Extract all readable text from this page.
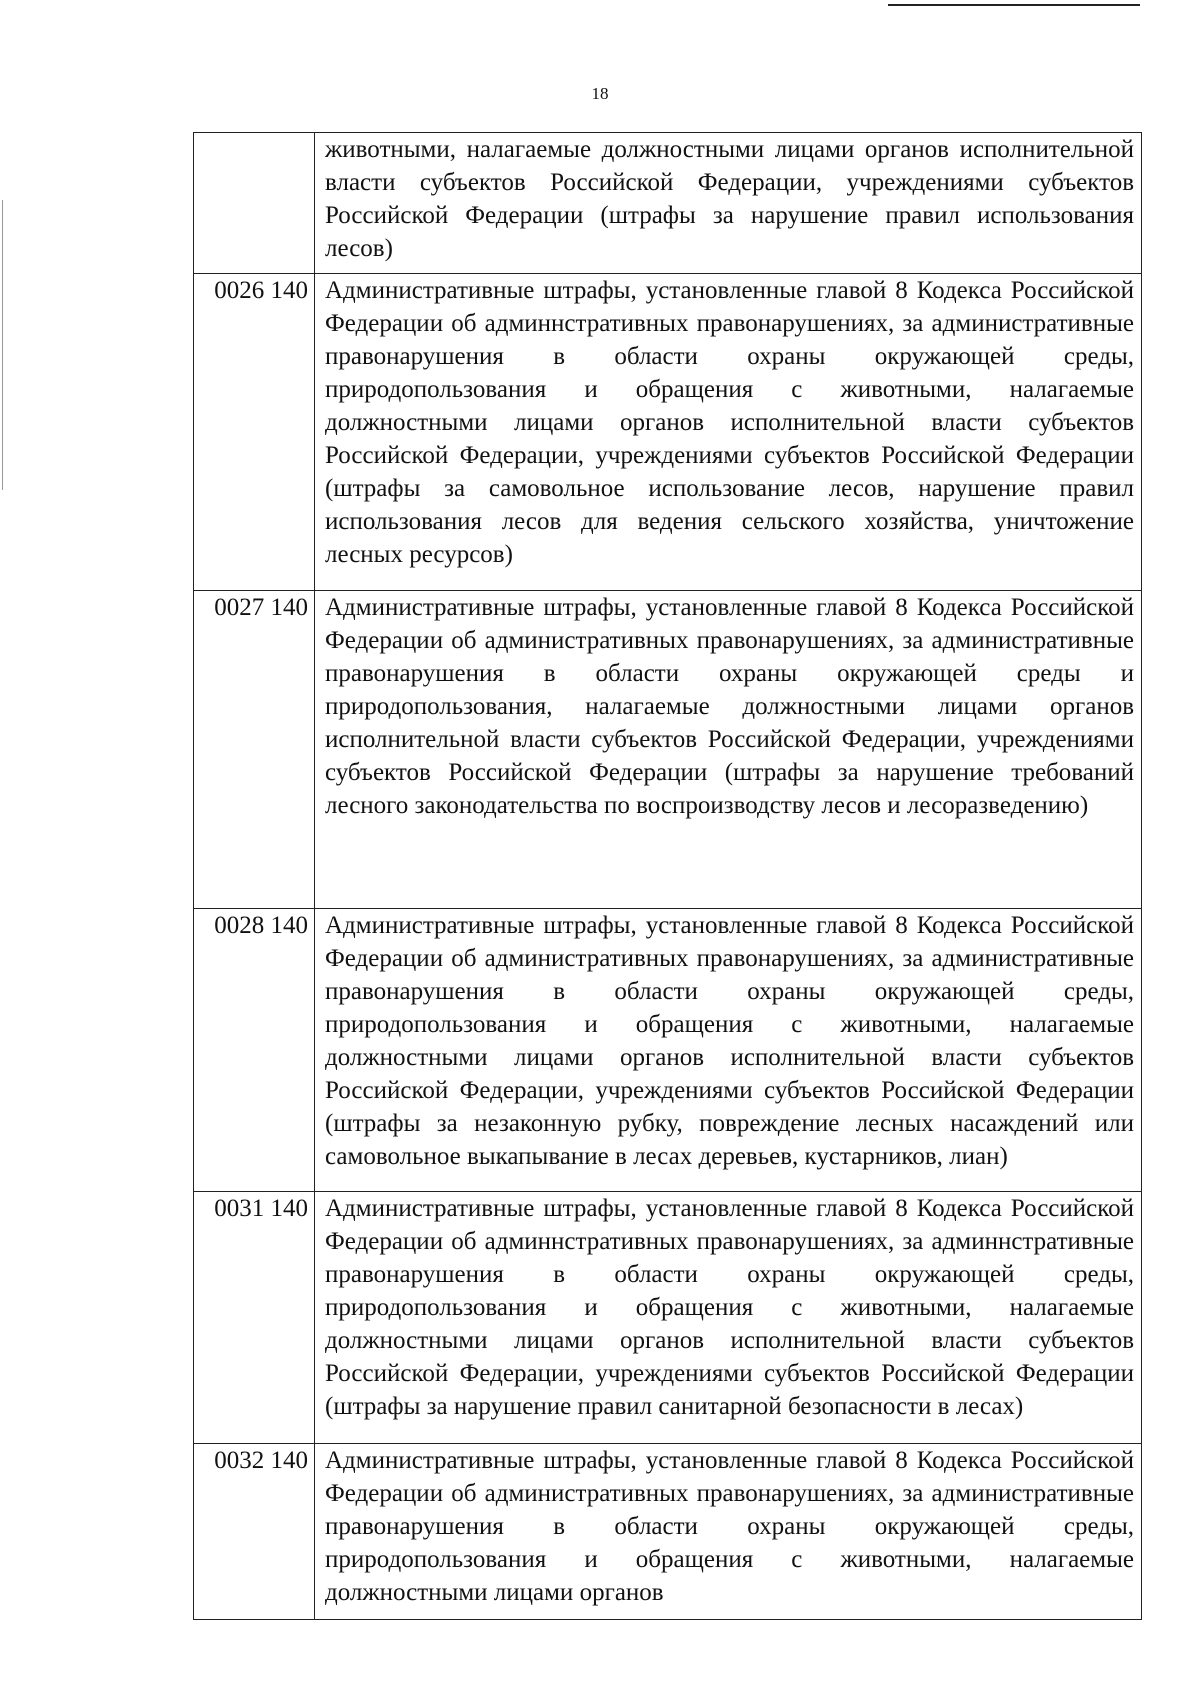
18

	животными, налагаемые должностными лицами органов исполнительной власти субъектов Российской Федерации, учреждениями субъектов Российской Федерации (штрафы за нарушение правил использования лесов)

0026 140	Административные штрафы, установленные главой 8 Кодекса Российской Федерации об админнстративных правонарушениях, за административные правонарушения в области охраны окружающей среды, природопользования и обращения с животными, налагаемые должностными лицами органов исполнительной власти субъектов Российской Федерации, учреждениями субъектов Российской Федерации (штрафы за самовольное использование лесов, нарушение правил использования лесов для ведения сельского хозяйства, уничтожение лесных ресурсов)

0027 140	Административные штрафы, установленные главой 8 Кодекса Российской Федерации об административных правонарушениях, за административные правонарушения в области охраны окружающей среды и природопользования, налагаемые должностными лицами органов исполнительной власти субъектов Российской Федерации, учреждениями субъектов Российской Федерации (штрафы за нарушение требований лесного законодательства по воспроизводству лесов и лесоразведению)

0028 140	Административные штрафы, установленные главой 8 Кодекса Российской Федерации об административных правонарушениях, за административные правонарушения в области охраны окружающей среды, природопользования и обращения с животными, налагаемые должностными лицами органов исполнительной власти субъектов Российской Федерации, учреждениями субъектов Российской Федерации (штрафы за незаконную рубку, повреждение лесных насаждений или самовольное выкапывание в лесах деревьев, кустарников, лиан)

0031 140	Административные штрафы, установленные главой 8 Кодекса Российской Федерации об админнстративных правонарушениях, за админнстративные правонарушения в области охраны окружающей среды, природопользования и обращения с животными, налагаемые должностными лицами органов исполнительной власти субъектов Российской Федерации, учреждениями субъектов Российской Федерации (штрафы за нарушение правил санитарной безопасности в лесах)

0032 140	Административные штрафы, установленные главой 8 Кодекса Российской Федерации об административных правонарушениях, за административные правонарушения в области охраны окружающей среды, природопользования и обращения с животными, налагаемые должностными лицами органов
